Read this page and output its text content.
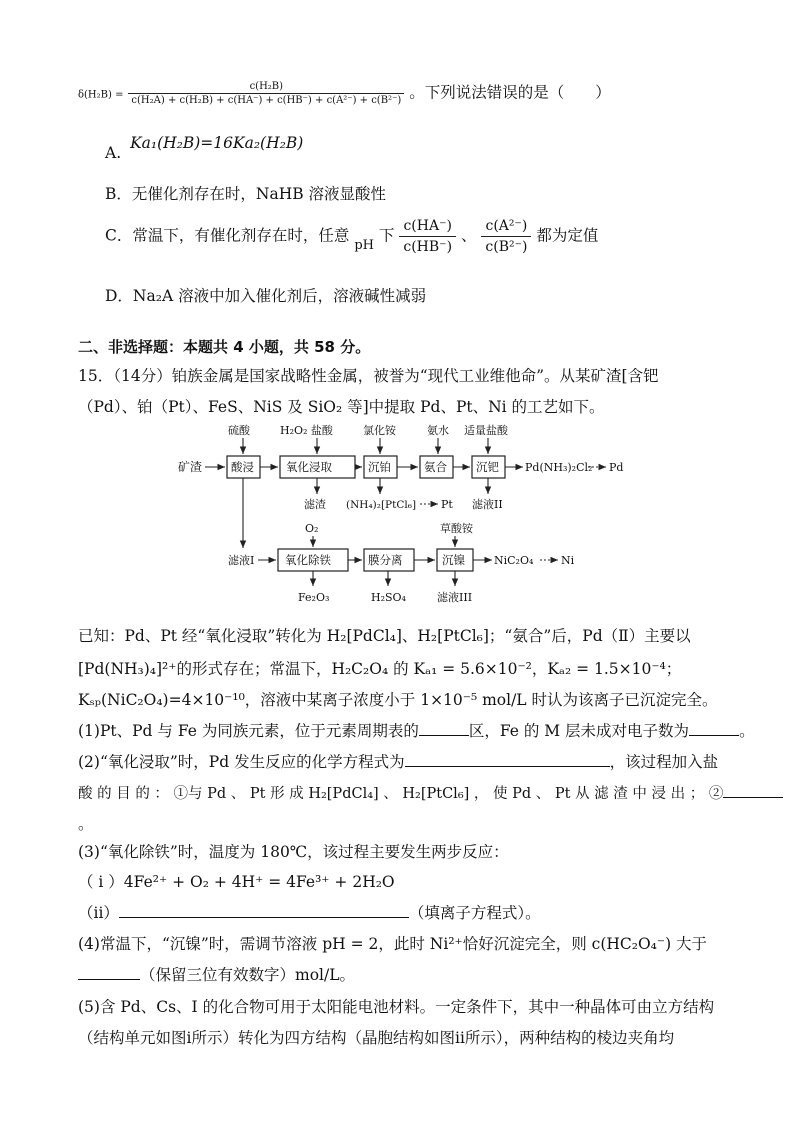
$\delta(H_2B) = \frac{\text{c(H₂B)}}{\text{c(H₂A) + c(H₂B) + c(HA⁻) + c(HB⁻) + c(A²⁻) + c(B²⁻)}}$ 。下列说法错误的是（　　）
A. Ka₁(H₂B)=16Ka₂(H₂B)
B．无催化剂存在时，NaHB 溶液显酸性
C．常温下，有催化剂存在时，任意 $_{pH}$ 下 $\frac{c(HA^-)}{c(HB^-)}$ 、 $\frac{\text{c(A²⁻)}}{\text{c(B²⁻)}}$ 都为定值
D．Na₂A 溶液中加入催化剂后，溶液碱性减弱
二、非选择题：本题共 4 小题，共 58 分。
15．（14分）铂族金属是国家战略性金属，被誉为“现代工业维他命”。从某矿渣[含钯
（Pd）、铂（Pt）、FeS、NiS 及 SiO₂ 等]中提取 Pd、Pt、Ni 的工艺如下。
硫酸	H₂O₂ 盐酸	氯化铵	氨水 适量盐酸
矿渣	酸浸	氧化浸取	沉铂	氨合	沉钯 Pd(NH₃)₂Cl₂ Pd
滤渣 (NH₄)₂[PtCl₆] Pt 滤液II
滤液I
O₂	草酸铵
氧化除铁	膜分离	沉镍	NiC₂O₄	Ni
Fe₂O₃	H₂SO₄	滤液III
已知：Pd、Pt 经“氧化浸取”转化为 H₂[PdCl₄]、H₂[PtCl₆]；“氨合”后，Pd（Ⅱ）主要以
[Pd(NH₃)₄]²⁺的形式存在；常温下，H₂C₂O₄ 的 Kₐ₁ = 5.6×10⁻²，Kₐ₂ = 1.5×10⁻⁴；
Kₛₚ(NiC₂O₄)=4×10⁻¹⁰，溶液中某离子浓度小于 1×10⁻⁵ mol/L 时认为该离子已沉淀完全。
(1)Pt、Pd 与 Fe 为同族元素，位于元素周期表的	区，Fe 的 M 层未成对电子数为	。
(2)“氧化浸取”时，Pd 发生反应的化学方程式为	，该过程加入盐
酸 的 目 的 ： ①与 Pd 、 Pt 形 成 H₂[PdCl₄] 、 H₂[PtCl₆] ， 使 Pd 、 Pt 从 滤 渣 中 浸 出 ； ②
。
(3)“氧化除铁”时，温度为 180℃，该过程主要发生两步反应：
（ i ）4Fe²⁺ + O₂ + 4H⁺ = 4Fe³⁺ + 2H₂O
（ii）	（填离子方程式）。
(4)常温下，“沉镍”时，需调节溶液 pH = 2，此时 Ni²⁺恰好沉淀完全，则 c(HC₂O₄⁻) 大于
（保留三位有效数字）mol/L。
(5)含 Pd、Cs、I 的化合物可用于太阳能电池材料。一定条件下，其中一种晶体可由立方结构
（结构单元如图ⅰ所示）转化为四方结构（晶胞结构如图ⅱ所示），两种结构的棱边夹角均
